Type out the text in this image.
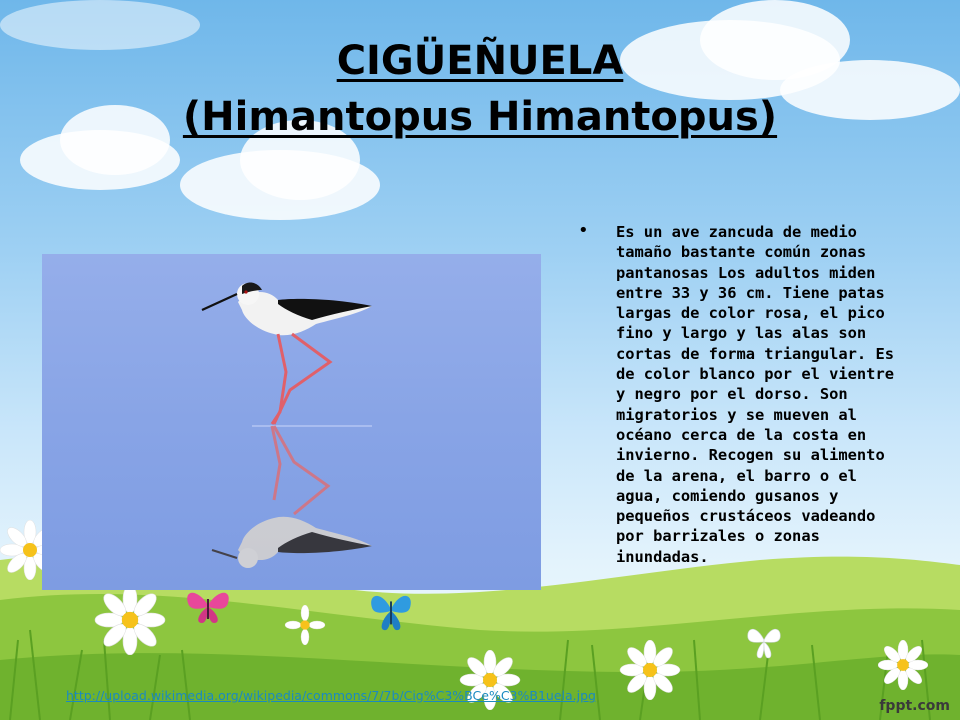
CIGÜEÑUELA
(Himantopus Himantopus)
• Es un ave zancuda de medio tamaño bastante común zonas pantanosas Los adultos miden entre 33 y 36 cm. Tiene patas largas de color rosa, el pico fino y largo y las alas son cortas de forma triangular. Es de color blanco por el vientre y negro por el dorso. Son migratorios y se mueven al océano cerca de la costa en invierno. Recogen su alimento de la arena, el barro o el agua, comiendo gusanos y pequeños crustáceos vadeando por barrizales o zonas inundadas.

http://upload.wikimedia.org/wikipedia/commons/7/7b/Cig%C3%BCe%C3%B1uela.jpg
fppt.com
